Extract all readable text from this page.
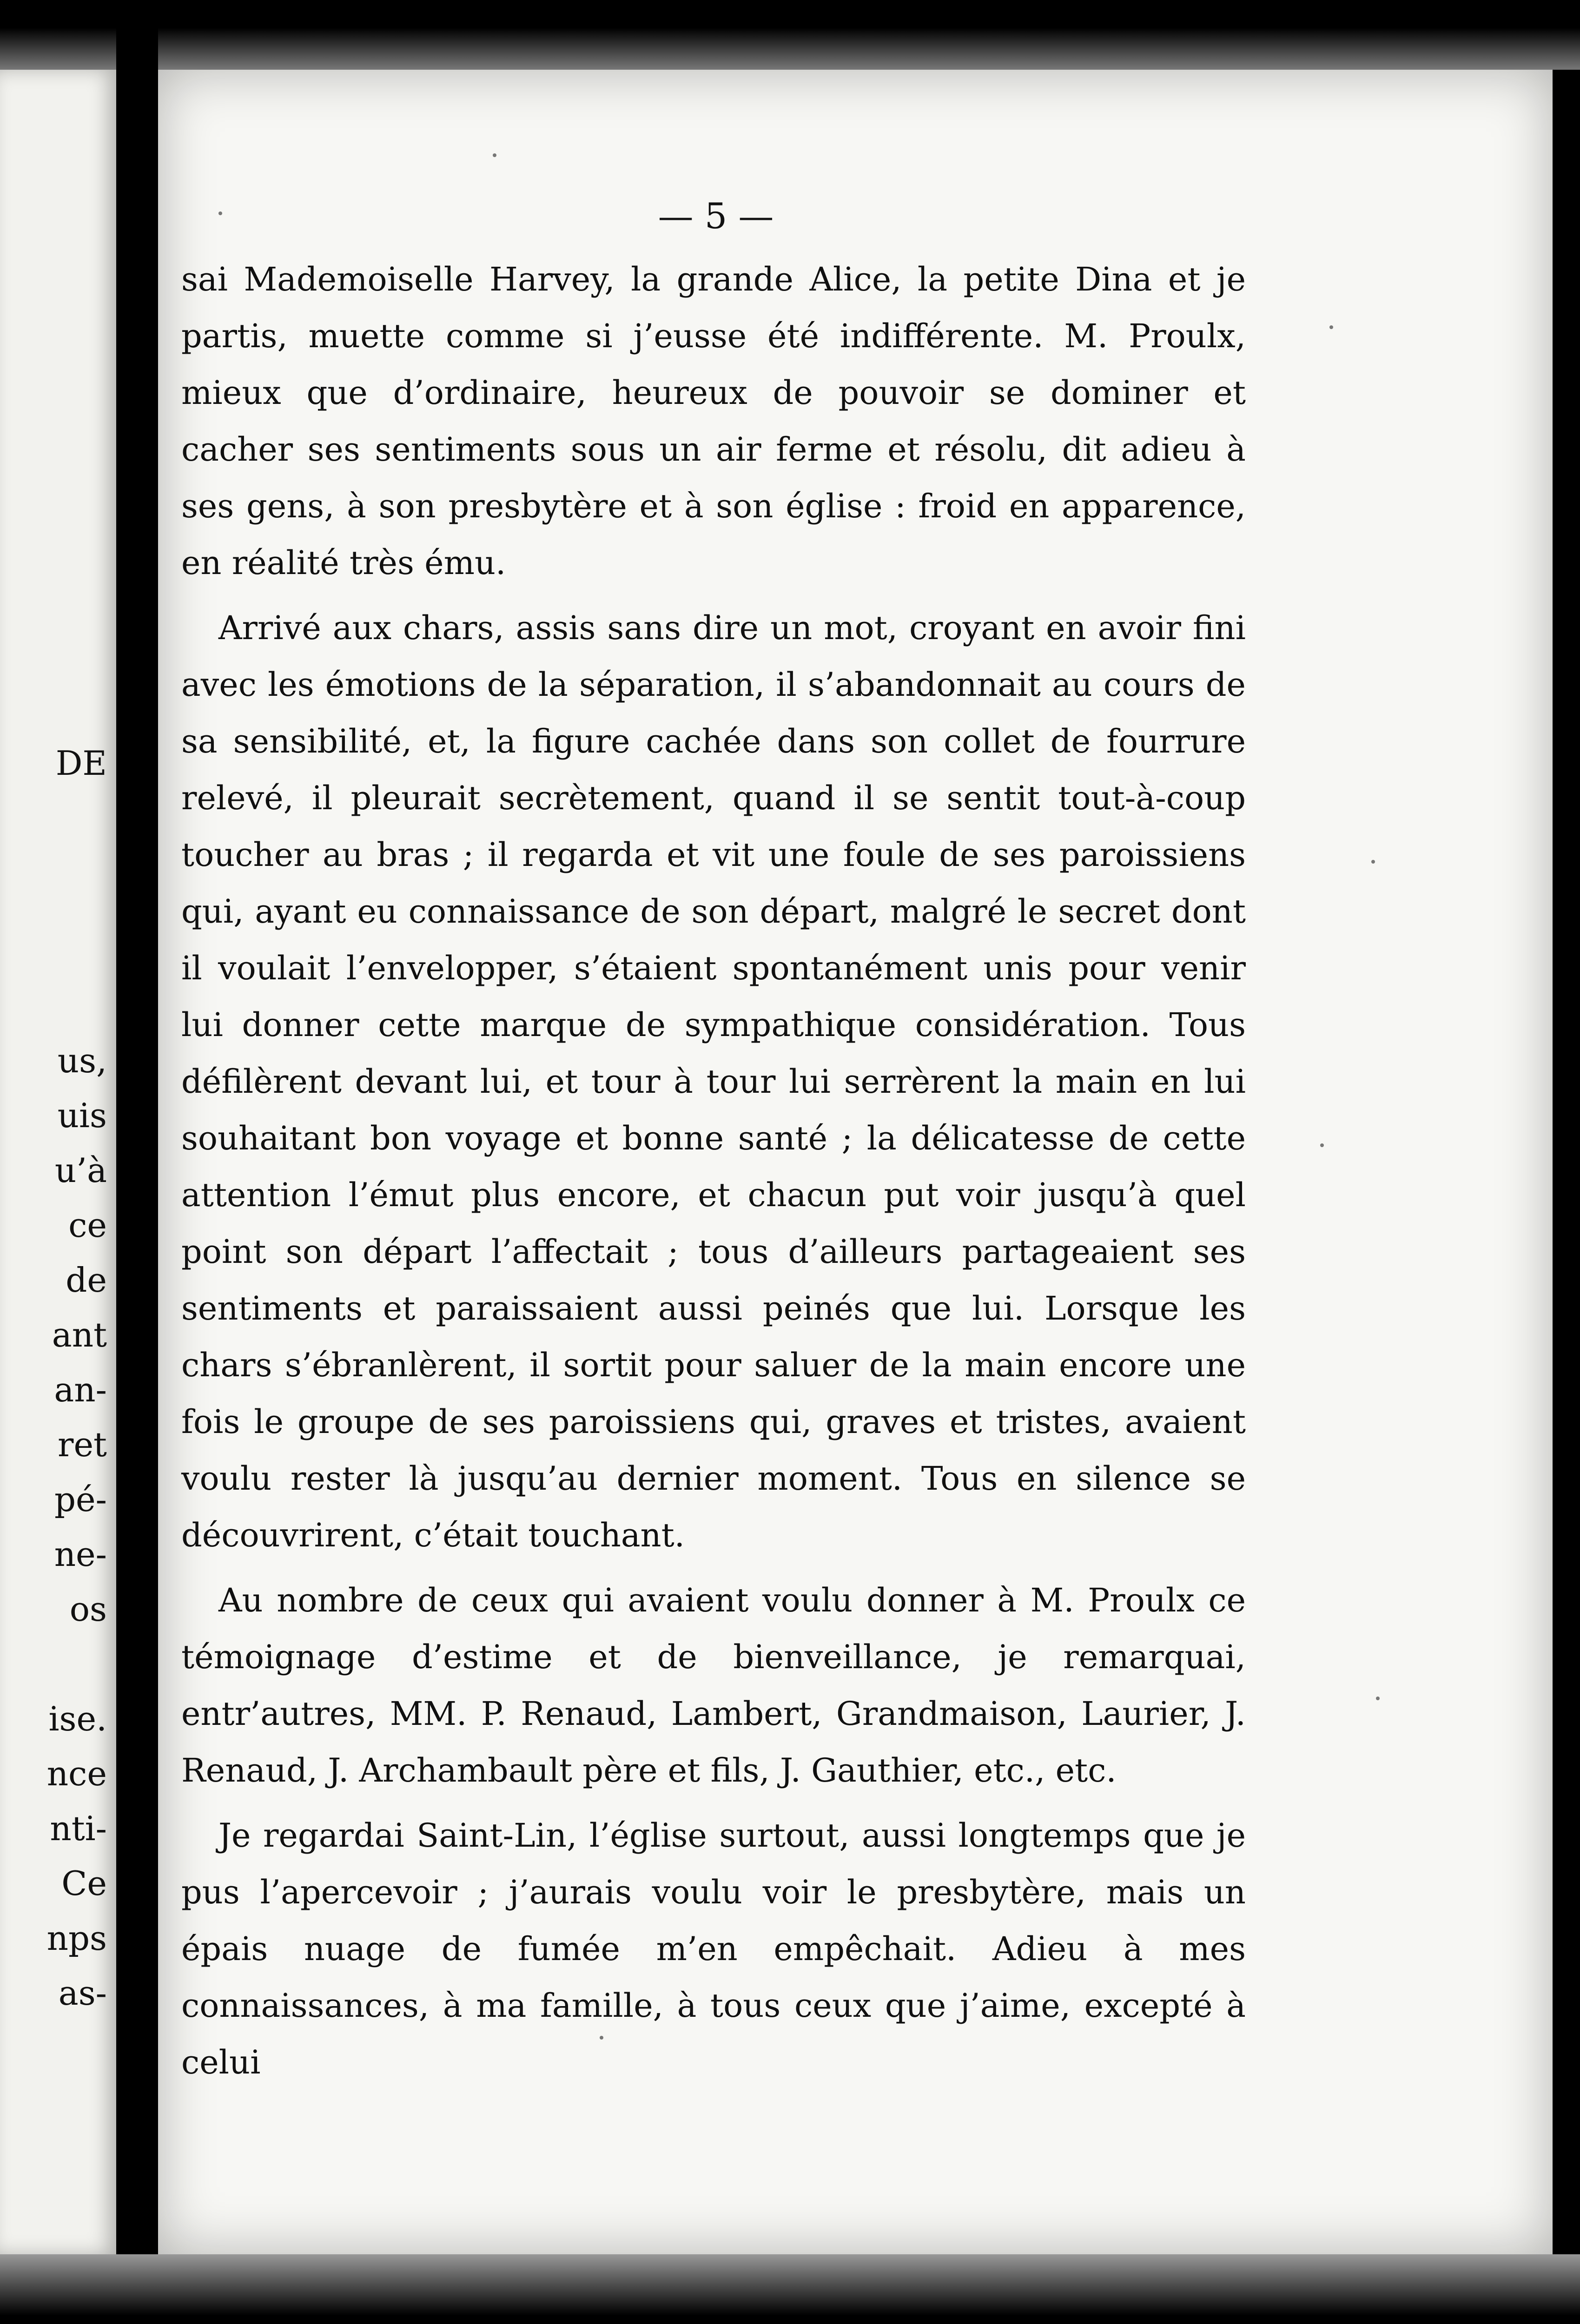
DE
us,
uis
u’à
ce
de
ant
an-
ret
pé-
ne-
os
ise.
nce
nti-
Ce
nps
as-
— 5 —

sai Mademoiselle Harvey, la grande Alice, la petite Dina et je partis, muette comme si j’eusse été indifférente. M. Proulx, mieux que d’ordinaire, heureux de pouvoir se dominer et cacher ses sentiments sous un air ferme et résolu, dit adieu à ses gens, à son presbytère et à son église : froid en apparence, en réalité très ému.

Arrivé aux chars, assis sans dire un mot, croyant en avoir fini avec les émotions de la séparation, il s’abandonnait au cours de sa sensibilité, et, la figure cachée dans son collet de fourrure relevé, il pleurait secrètement, quand il se sentit tout-à-coup toucher au bras ; il regarda et vit une foule de ses paroissiens qui, ayant eu connaissance de son départ, malgré le secret dont il voulait l’envelopper, s’étaient spontanément unis pour venir lui donner cette marque de sympathique considération. Tous défilèrent devant lui, et tour à tour lui serrèrent la main en lui souhaitant bon voyage et bonne santé ; la délicatesse de cette attention l’émut plus encore, et chacun put voir jusqu’à quel point son départ l’affectait ; tous d’ailleurs partageaient ses sentiments et paraissaient aussi peinés que lui. Lorsque les chars s’ébranlèrent, il sortit pour saluer de la main encore une fois le groupe de ses paroissiens qui, graves et tristes, avaient voulu rester là jusqu’au dernier moment. Tous en silence se découvrirent, c’était touchant.

Au nombre de ceux qui avaient voulu donner à M. Proulx ce témoignage d’estime et de bienveillance, je remarquai, entr’autres, MM. P. Renaud, Lambert, Grandmaison, Laurier, J. Renaud, J. Archambault père et fils, J. Gauthier, etc., etc.

Je regardai Saint-Lin, l’église surtout, aussi longtemps que je pus l’apercevoir ; j’aurais voulu voir le presbytère, mais un épais nuage de fumée m’en empêchait. Adieu à mes connaissances, à ma famille, à tous ceux que j’aime, excepté à celui
